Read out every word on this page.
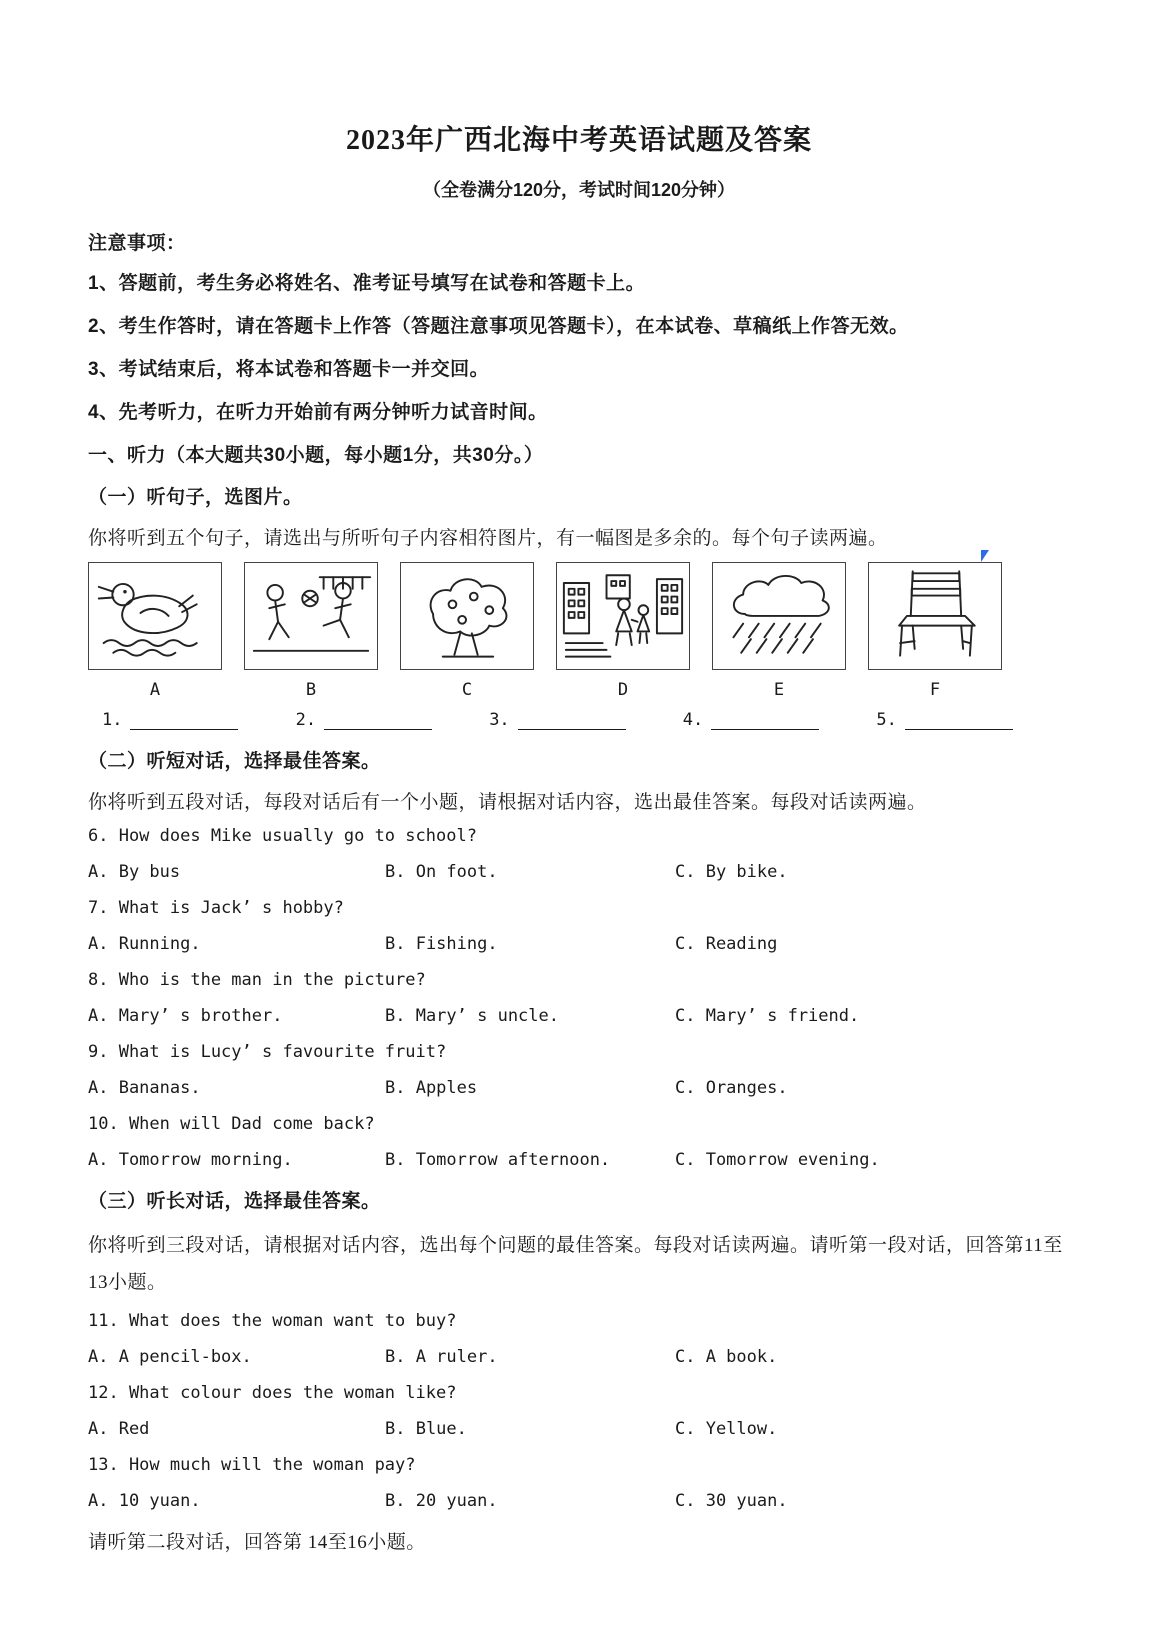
2023年广西北海中考英语试题及答案
（全卷满分120分，考试时间120分钟）
注意事项：
1、答题前，考生务必将姓名、准考证号填写在试卷和答题卡上。
2、考生作答时，请在答题卡上作答（答题注意事项见答题卡），在本试卷、草稿纸上作答无效。
3、考试结束后，将本试卷和答题卡一并交回。
4、先考听力，在听力开始前有两分钟听力试音时间。
一、听力（本大题共30小题，每小题1分，共30分。）
（一）听句子，选图片。
你将听到五个句子，请选出与所听句子内容相符图片，有一幅图是多余的。每个句子读两遍。
A	B	C	D	E	F
1.	2.	3.	4.	5.
（二）听短对话，选择最佳答案。
你将听到五段对话，每段对话后有一个小题，请根据对话内容，选出最佳答案。每段对话读两遍。
6. How does Mike usually go to school?
A. By bus	B. On foot.	C. By bike.
7. What is Jack’ s hobby?
A. Running.	B. Fishing.	C. Reading
8. Who is the man in the picture?
A. Mary’ s brother.	B. Mary’ s uncle.	C. Mary’ s friend.
9. What is Lucy’ s favourite fruit?
A. Bananas.	B. Apples	C. Oranges.
10. When will Dad come back?
A. Tomorrow morning.	B. Tomorrow afternoon.	C. Tomorrow evening.
（三）听长对话，选择最佳答案。
你将听到三段对话，请根据对话内容，选出每个问题的最佳答案。每段对话读两遍。请听第一段对话，回答第11至13小题。
11. What does the woman want to buy?
A. A pencil-box.	B. A ruler.	C. A book.
12. What colour does the woman like?
A. Red	B. Blue.	C. Yellow.
13. How much will the woman pay?
A. 10 yuan.	B. 20 yuan.	C. 30 yuan.
请听第二段对话，回答第 14至16小题。
